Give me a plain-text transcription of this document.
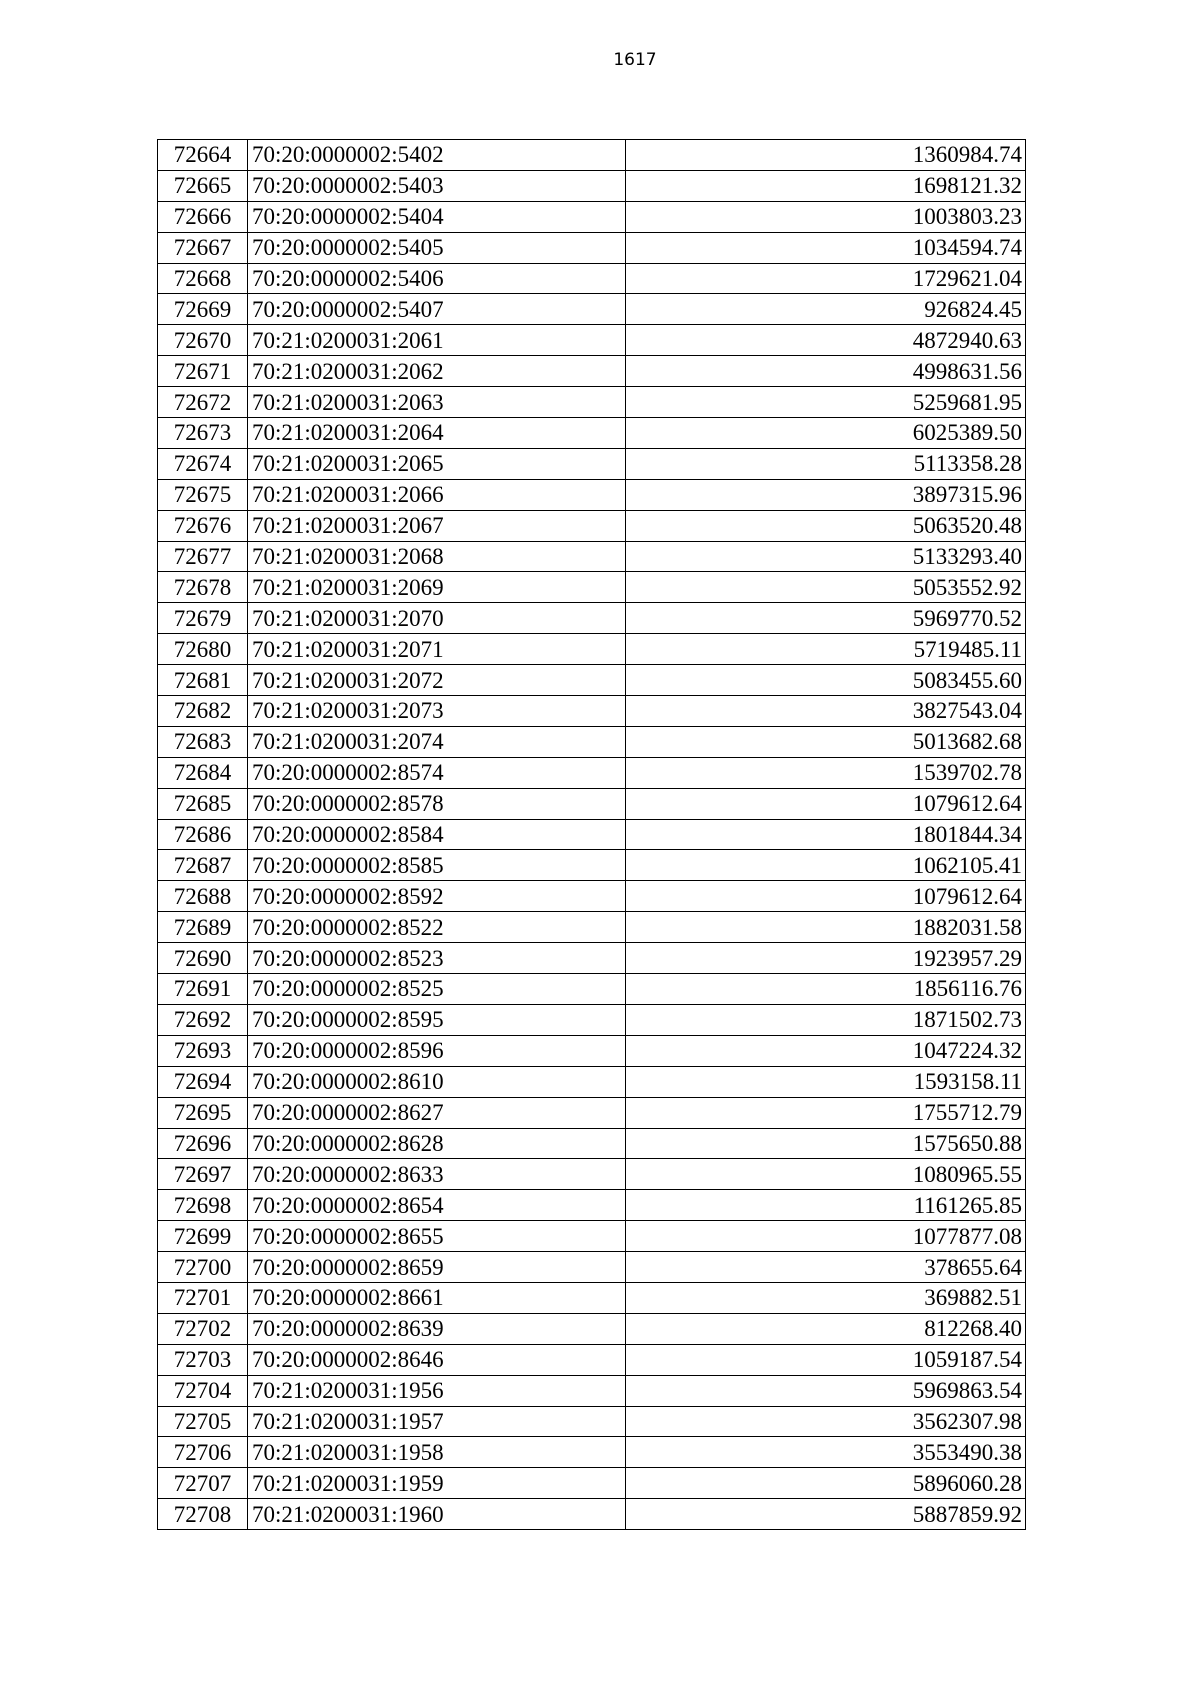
1617
72664	70:20:0000002:5402	1360984.74
72665	70:20:0000002:5403	1698121.32
72666	70:20:0000002:5404	1003803.23
72667	70:20:0000002:5405	1034594.74
72668	70:20:0000002:5406	1729621.04
72669	70:20:0000002:5407	926824.45
72670	70:21:0200031:2061	4872940.63
72671	70:21:0200031:2062	4998631.56
72672	70:21:0200031:2063	5259681.95
72673	70:21:0200031:2064	6025389.50
72674	70:21:0200031:2065	5113358.28
72675	70:21:0200031:2066	3897315.96
72676	70:21:0200031:2067	5063520.48
72677	70:21:0200031:2068	5133293.40
72678	70:21:0200031:2069	5053552.92
72679	70:21:0200031:2070	5969770.52
72680	70:21:0200031:2071	5719485.11
72681	70:21:0200031:2072	5083455.60
72682	70:21:0200031:2073	3827543.04
72683	70:21:0200031:2074	5013682.68
72684	70:20:0000002:8574	1539702.78
72685	70:20:0000002:8578	1079612.64
72686	70:20:0000002:8584	1801844.34
72687	70:20:0000002:8585	1062105.41
72688	70:20:0000002:8592	1079612.64
72689	70:20:0000002:8522	1882031.58
72690	70:20:0000002:8523	1923957.29
72691	70:20:0000002:8525	1856116.76
72692	70:20:0000002:8595	1871502.73
72693	70:20:0000002:8596	1047224.32
72694	70:20:0000002:8610	1593158.11
72695	70:20:0000002:8627	1755712.79
72696	70:20:0000002:8628	1575650.88
72697	70:20:0000002:8633	1080965.55
72698	70:20:0000002:8654	1161265.85
72699	70:20:0000002:8655	1077877.08
72700	70:20:0000002:8659	378655.64
72701	70:20:0000002:8661	369882.51
72702	70:20:0000002:8639	812268.40
72703	70:20:0000002:8646	1059187.54
72704	70:21:0200031:1956	5969863.54
72705	70:21:0200031:1957	3562307.98
72706	70:21:0200031:1958	3553490.38
72707	70:21:0200031:1959	5896060.28
72708	70:21:0200031:1960	5887859.92
